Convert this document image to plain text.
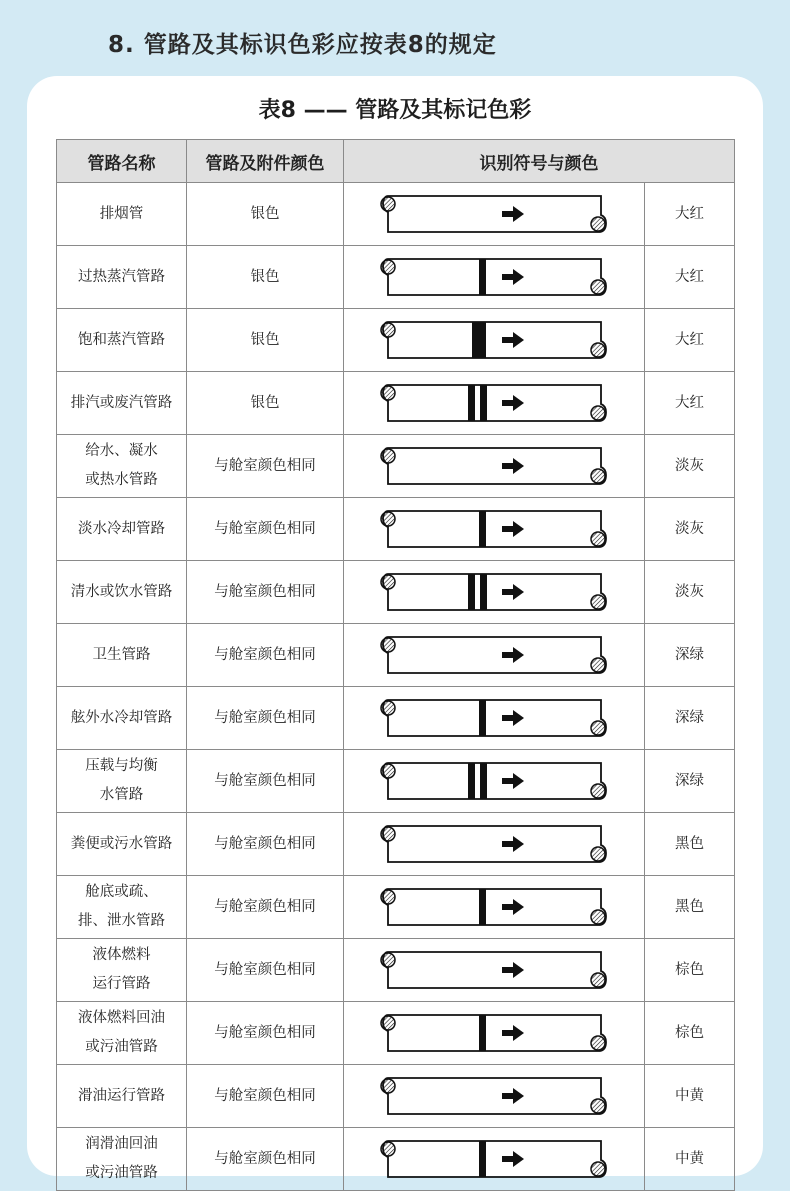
8. 管路及其标识色彩应按表8的规定
表8 —— 管路及其标记色彩
管路名称	管路及附件颜色	识别符号与颜色	

排烟管	银色		大红

过热蒸汽管路	银色		大红

饱和蒸汽管路	银色		大红

排汽或废汽管路	银色		大红

给水、凝水
或热水管路	与舱室颜色相同		淡灰

淡水冷却管路	与舱室颜色相同		淡灰

清水或饮水管路	与舱室颜色相同		淡灰

卫生管路	与舱室颜色相同		深绿

舷外水冷却管路	与舱室颜色相同		深绿

压载与均衡
水管路	与舱室颜色相同		深绿

粪便或污水管路	与舱室颜色相同		黑色

舱底或疏、
排、泄水管路	与舱室颜色相同		黑色

液体燃料
运行管路	与舱室颜色相同		棕色

液体燃料回油
或污油管路	与舱室颜色相同		棕色

滑油运行管路	与舱室颜色相同		中黄

润滑油回油
或污油管路	与舱室颜色相同		中黄
